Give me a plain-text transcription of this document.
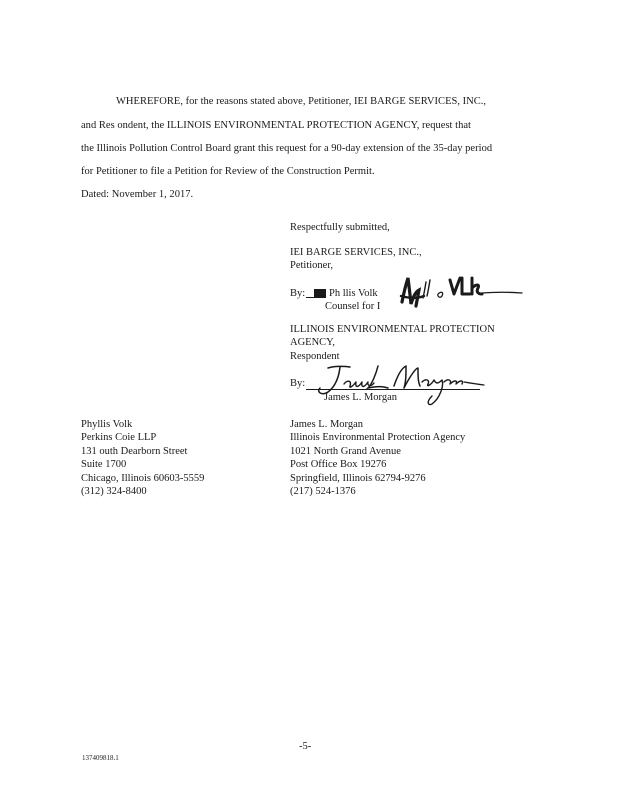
WHEREFORE, for the reasons stated above, Petitioner, IEI BARGE SERVICES, INC.,
and Res ondent, the ILLINOIS ENVIRONMENTAL PROTECTION AGENCY, request that
the Illinois Pollution Control Board grant this request for a 90-day extension of the 35-day period
for Petitioner to file a Petition for Review of the Construction Permit.
Dated: November 1, 2017.
Respectfully submitted,
IEI BARGE SERVICES, INC.,
Petitioner,
By: Ph llis Volk
Counsel for I
ILLINOIS ENVIRONMENTAL PROTECTION
AGENCY,
Respondent
By:
James L. Morgan
Phyllis Volk
Perkins Coie LLP
131 outh Dearborn Street
Suite 1700
Chicago, Illinois 60603-5559
(312) 324-8400
James L. Morgan
Illinois Environmental Protection Agency
1021 North Grand Avenue
Post Office Box 19276
Springfield, Illinois 62794-9276
(217) 524-1376
-5-
137409818.1
